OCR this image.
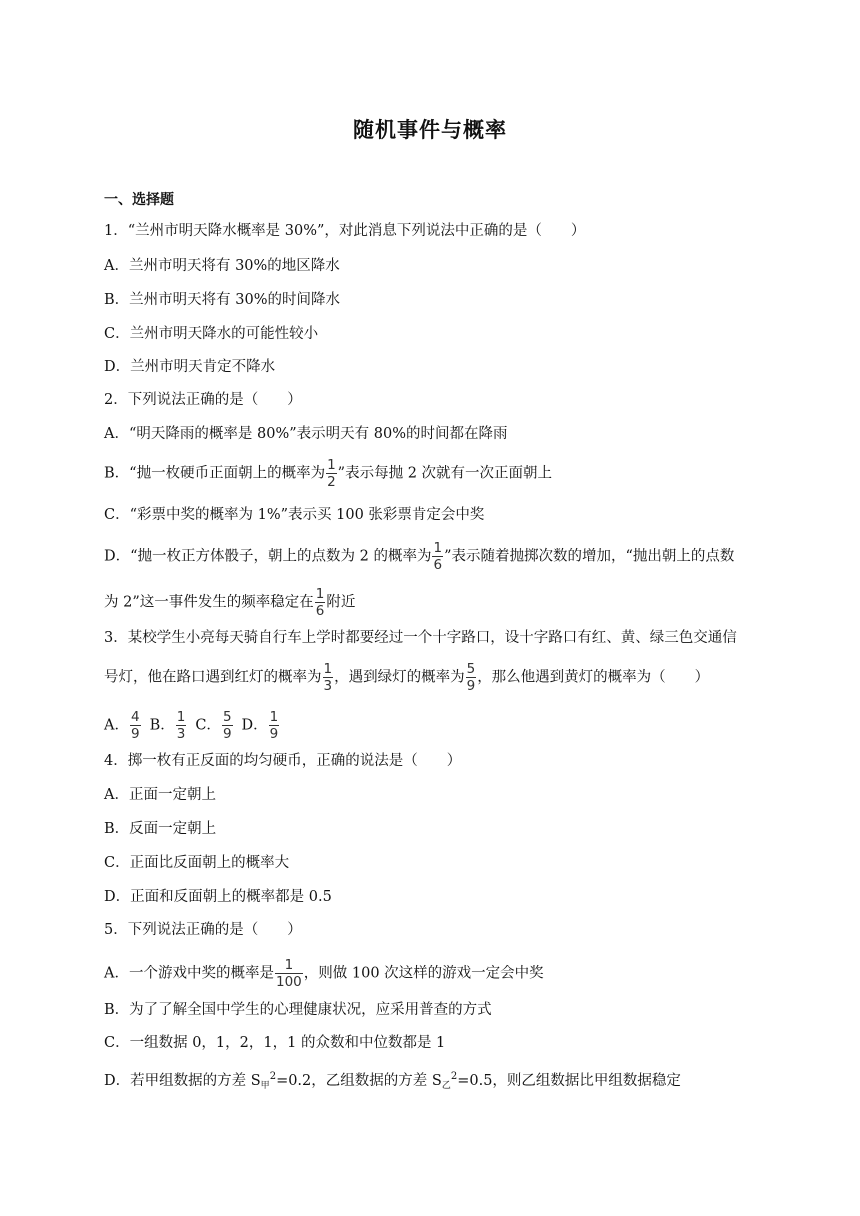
随机事件与概率
一、选择题
1．“兰州市明天降水概率是 30%”，对此消息下列说法中正确的是（　　）
A．兰州市明天将有 30%的地区降水
B．兰州市明天将有 30%的时间降水
C．兰州市明天降水的可能性较小
D．兰州市明天肯定不降水
2．下列说法正确的是（　　）
A．“明天降雨的概率是 80%”表示明天有 80%的时间都在降雨
B．“抛一枚硬币正面朝上的概率为 $\frac{1}{2}$ ”表示每抛 2 次就有一次正面朝上
C．“彩票中奖的概率为 1%”表示买 100 张彩票肯定会中奖
D．“抛一枚正方体骰子，朝上的点数为 2 的概率为 $\frac{1}{6}$ ”表示随着抛掷次数的增加，“抛出朝上的点数
为 2”这一事件发生的频率稳定在 $\frac{1}{6}$ 附近
3．某校学生小亮每天骑自行车上学时都要经过一个十字路口，设十字路口有红、黄、绿三色交通信
号灯，他在路口遇到红灯的概率为 $\frac{1}{3}$ ，遇到绿灯的概率为 $\frac{5}{9}$ ，那么他遇到黄灯的概率为（　　）
A． $\frac{4}{9}$ B． $\frac{1}{3}$ C． $\frac{5}{9}$ D． $\frac{1}{9}$
4．掷一枚有正反面的均匀硬币，正确的说法是（　　）
A．正面一定朝上
B．反面一定朝上
C．正面比反面朝上的概率大
D．正面和反面朝上的概率都是 0.5
5．下列说法正确的是（　　）
A．一个游戏中奖的概率是 $\frac{1}{100}$ ，则做 100 次这样的游戏一定会中奖
B．为了了解全国中学生的心理健康状况，应采用普查的方式
C．一组数据 0，1，2，1，1 的众数和中位数都是 1
D．若甲组数据的方差 $S_甲^2=0.2$，乙组数据的方差 $S_乙^2=0.5$，则乙组数据比甲组数据稳定
